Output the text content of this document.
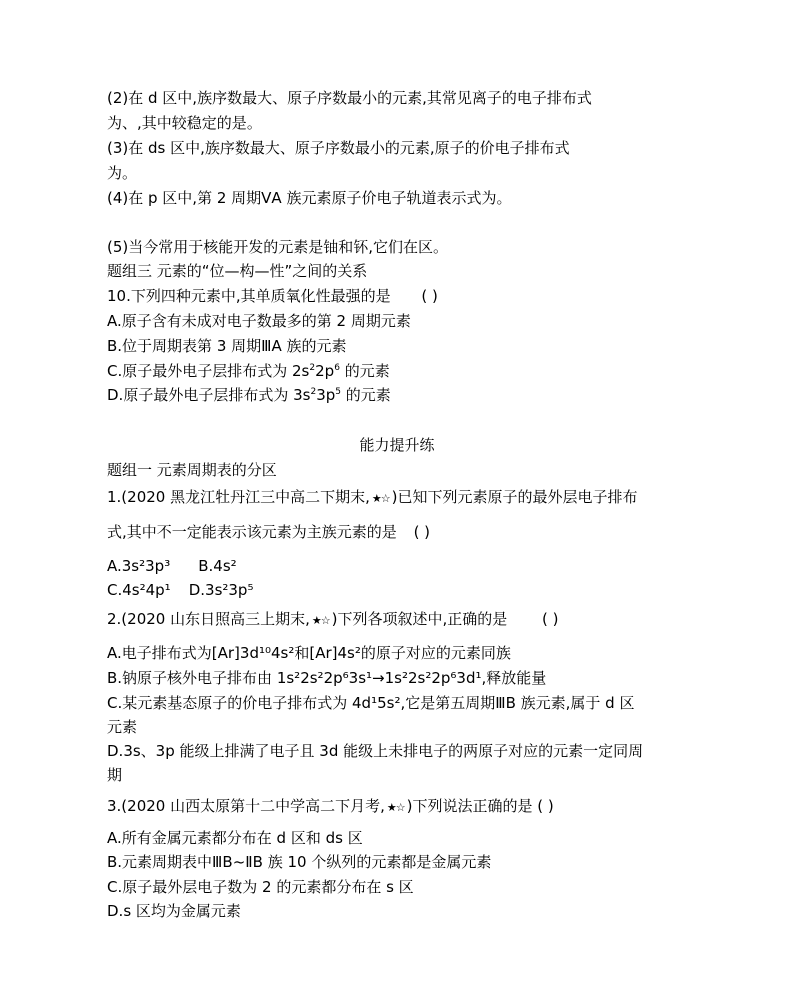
(2)在 d 区中,族序数最大、原子序数最小的元素,其常见离子的电子排布式
为、,其中较稳定的是。
(3)在 ds 区中,族序数最大、原子序数最小的元素,原子的价电子排布式
为。
(4)在 p 区中,第 2 周期ⅤA 族元素原子价电子轨道表示式为。
(5)当今常用于核能开发的元素是铀和钚,它们在区。
题组三 元素的“位—构—性”之间的关系
10.下列四种元素中,其单质氧化性最强的是 ( )
A.原子含有未成对电子数最多的第 2 周期元素
B.位于周期表第 3 周期ⅢA 族的元素
C.原子最外电子层排布式为 $2s^22p^6$ 的元素
D.原子最外电子层排布式为 $3s^23p^5$ 的元素
能力提升练
题组一 元素周期表的分区
1.(2020 黑龙江牡丹江三中高二下期末, ★☆ )已知下列元素原子的最外层电子排布
式,其中不一定能表示该元素为主族元素的是 ( )
A.3s²3p³ B.4s²
C.4s²4p¹ D.3s²3p⁵
2.(2020 山东日照高三上期末, ★☆ )下列各项叙述中,正确的是 ( )
A.电子排布式为[Ar]3d¹⁰4s²和[Ar]4s²的原子对应的元素同族
B.钠原子核外电子排布由 1s²2s²2p⁶3s¹→1s²2s²2p⁶3d¹,释放能量
C.某元素基态原子的价电子排布式为 4d¹5s²,它是第五周期ⅢB 族元素,属于 d 区
元素
D.3s、3p 能级上排满了电子且 3d 能级上未排电子的两原子对应的元素一定同周
期
3.(2020 山西太原第十二中学高二下月考, ★☆ )下列说法正确的是 ( )
A.所有金属元素都分布在 d 区和 ds 区
B.元素周期表中ⅢB~ⅡB 族 10 个纵列的元素都是金属元素
C.原子最外层电子数为 2 的元素都分布在 s 区
D.s 区均为金属元素
